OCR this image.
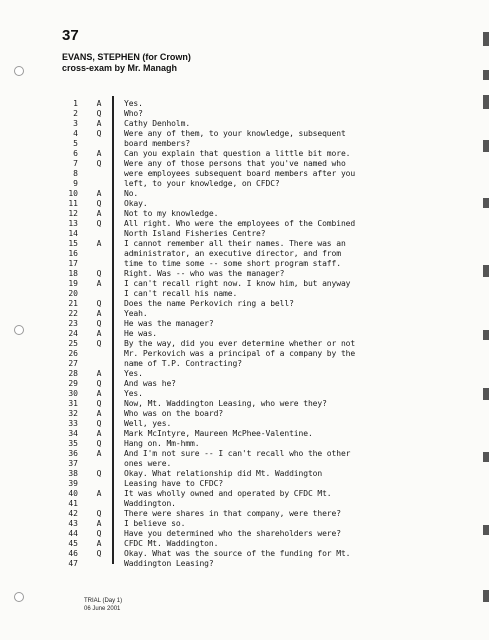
37
EVANS, STEPHEN (for Crown)
cross-exam by Mr. Managh
1
2
3
4
5
6
7
8
9
10
11
12
13
14
15
16
17
18
19
20
21
22
23
24
25
26
27
28
29
30
31
32
33
34
35
36
37
38
39
40
41
42
43
44
45
46
47
A
Q
A
Q
A
Q
A
Q
A
Q
A
Q
A
Q
A
Q
A
Q
A
Q
A
Q
A
Q
A
Q
A
Q
A
Q
A
Q
A
Q
Yes.
Who?
Cathy Denholm.
Were any of them, to your knowledge, subsequent
board members?
Can you explain that question a little bit more.
Were any of those persons that you've named who
were employees subsequent board members after you
left, to your knowledge, on CFDC?
No.
Okay.
Not to my knowledge.
All right. Who were the employees of the Combined
North Island Fisheries Centre?
I cannot remember all their names. There was an
administrator, an executive director, and from
time to time some -- some short program staff.
Right. Was -- who was the manager?
I can't recall right now. I know him, but anyway
I can't recall his name.
Does the name Perkovich ring a bell?
Yeah.
He was the manager?
He was.
By the way, did you ever determine whether or not
Mr. Perkovich was a principal of a company by the
name of T.P. Contracting?
Yes.
And was he?
Yes.
Now, Mt. Waddington Leasing, who were they?
Who was on the board?
Well, yes.
Mark McIntyre, Maureen McPhee-Valentine.
Hang on. Mm-hmm.
And I'm not sure -- I can't recall who the other
ones were.
Okay. What relationship did Mt. Waddington
Leasing have to CFDC?
It was wholly owned and operated by CFDC Mt.
Waddington.
There were shares in that company, were there?
I believe so.
Have you determined who the shareholders were?
CFDC Mt. Waddington.
Okay. What was the source of the funding for Mt.
Waddington Leasing?
TRIAL (Day 1)
06 June 2001
